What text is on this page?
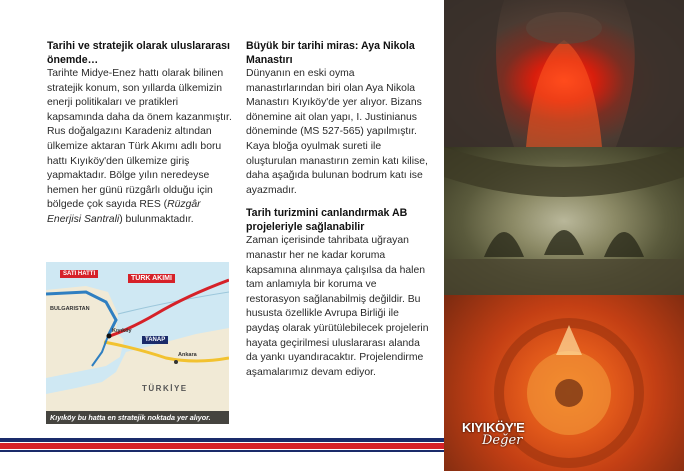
Tarihi ve stratejik olarak uluslararası önemde…
Tarihte Midye-Enez hattı olarak bilinen stratejik konum, son yıllarda ülkemizin enerji politikaları ve pratikleri kapsamında daha da önem kazanmıştır. Rus doğalgazını Karadeniz altından ülkemize aktaran Türk Akımı adlı boru hattı Kıyıköy'den ülkemize giriş yapmaktadır. Bölge yılın neredeyse hemen her günü rüzgârlı olduğu için bölgede çok sayıda RES (Rüzgâr Enerjisi Santrali) bulunmaktadır.
SATI HATTI
TÜRK AKIMI
BULGARISTAN
Kıyıköy
TANAP
Ankara
TÜRKİYE
Kıyıköy bu hatta en stratejik noktada yer alıyor.
Büyük bir tarihi miras: Aya Nikola Manastırı
Dünyanın en eski oyma manastırlarından biri olan Aya Nikola Manastırı Kıyıköy'de yer alıyor. Bizans dönemine ait olan yapı, I. Justinianus döneminde (MS 527-565) yapılmıştır. Kaya bloğa oyulmak sureti ile oluşturulan manastırın zemin katı kilise, daha aşağıda bulunan bodrum katı ise ayazmadır.
Tarih turizmini canlandırmak AB projeleriyle sağlanabilir
Zaman içerisinde tahribata uğrayan manastır her ne kadar koruma kapsamına alınmaya çalışılsa da halen tam anlamıyla bir koruma ve restorasyon sağlanabilmiş değildir. Bu hususta özellikle Avrupa Birliği ile paydaş olarak yürütülebilecek projelerin hayata geçirilmesi uluslararası alanda da yankı uyandıracaktır. Projelendirme aşamalarımız devam ediyor.
KIYIKÖY'E
Değer
